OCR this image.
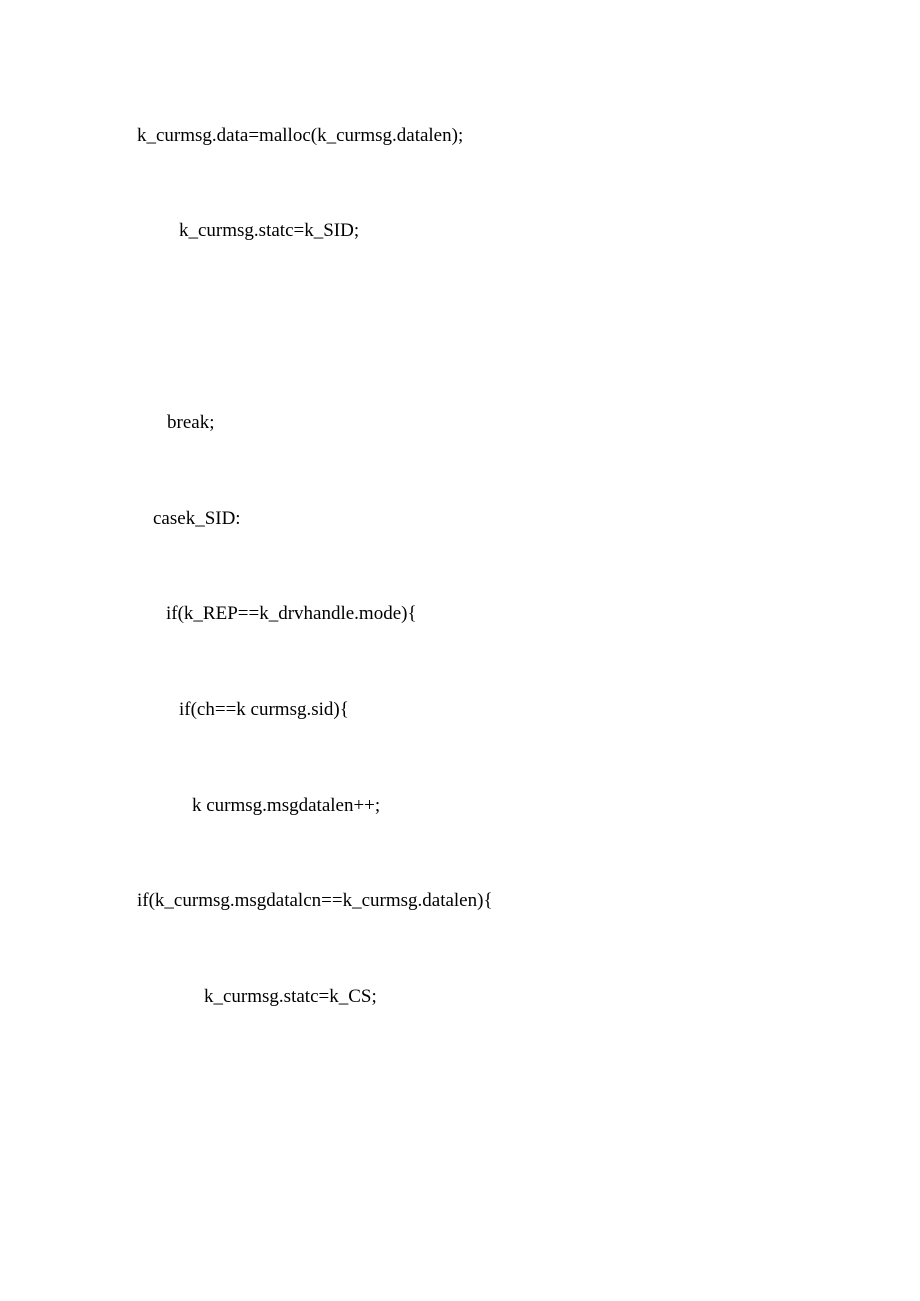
k_curmsg.data=malloc(k_curmsg.datalen);

k_curmsg.statc=k_SID;

break;

casek_SID:

if(k_REP==k_drvhandle.mode){

if(ch==k curmsg.sid){

k curmsg.msgdatalen++;

if(k_curmsg.msgdatalcn==k_curmsg.datalen){

k_curmsg.statc=k_CS;
